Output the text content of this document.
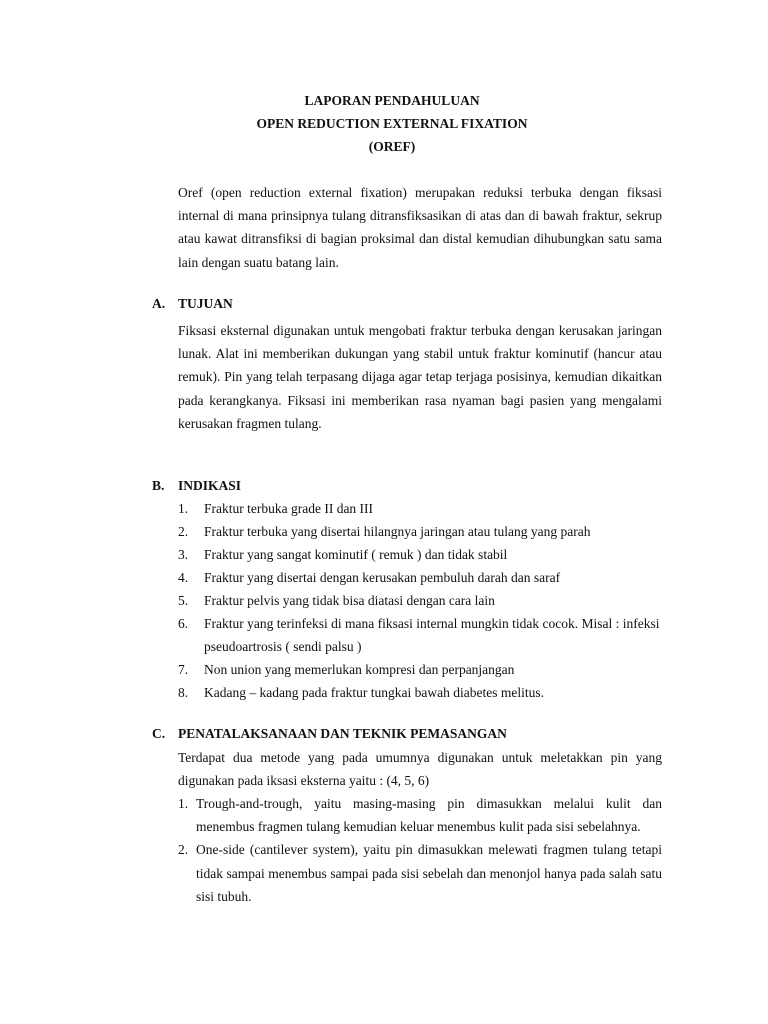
LAPORAN PENDAHULUAN
OPEN REDUCTION EXTERNAL FIXATION
(OREF)

Oref (open reduction external fixation) merupakan reduksi terbuka dengan fiksasi internal di mana prinsipnya tulang ditransfiksasikan di atas dan di bawah fraktur, sekrup atau kawat ditransfiksi di bagian proksimal dan distal kemudian dihubungkan satu sama lain dengan suatu batang lain.

A. TUJUAN

Fiksasi eksternal digunakan untuk mengobati fraktur terbuka dengan kerusakan jaringan lunak. Alat ini memberikan dukungan yang stabil untuk fraktur kominutif (hancur atau remuk). Pin yang telah terpasang dijaga agar tetap terjaga posisinya, kemudian dikaitkan pada kerangkanya. Fiksasi ini memberikan rasa nyaman bagi pasien yang mengalami kerusakan fragmen tulang.

B. INDIKASI
1.	Fraktur terbuka grade II dan III
2.	Fraktur terbuka yang disertai hilangnya jaringan atau tulang yang parah
3.	Fraktur yang sangat kominutif ( remuk ) dan tidak stabil
4.	Fraktur yang disertai dengan kerusakan pembuluh darah dan saraf
5.	Fraktur pelvis yang tidak bisa diatasi dengan cara lain
6.	Fraktur yang terinfeksi di mana fiksasi internal mungkin tidak cocok. Misal : infeksi pseudoartrosis ( sendi palsu )
7.	Non union yang memerlukan kompresi dan perpanjangan
8.	Kadang – kadang pada fraktur tungkai bawah diabetes melitus.
C. PENATALAKSANAAN DAN TEKNIK PEMASANGAN

Terdapat dua metode yang pada umumnya digunakan untuk meletakkan pin yang digunakan pada iksasi eksterna yaitu : (4, 5, 6)

1. Trough-and-trough, yaitu masing-masing pin dimasukkan melalui kulit dan menembus fragmen tulang kemudian keluar menembus kulit pada sisi sebelahnya.
2. One-side (cantilever system), yaitu pin dimasukkan melewati fragmen tulang tetapi tidak sampai menembus sampai pada sisi sebelah dan menonjol hanya pada salah satu sisi tubuh.
